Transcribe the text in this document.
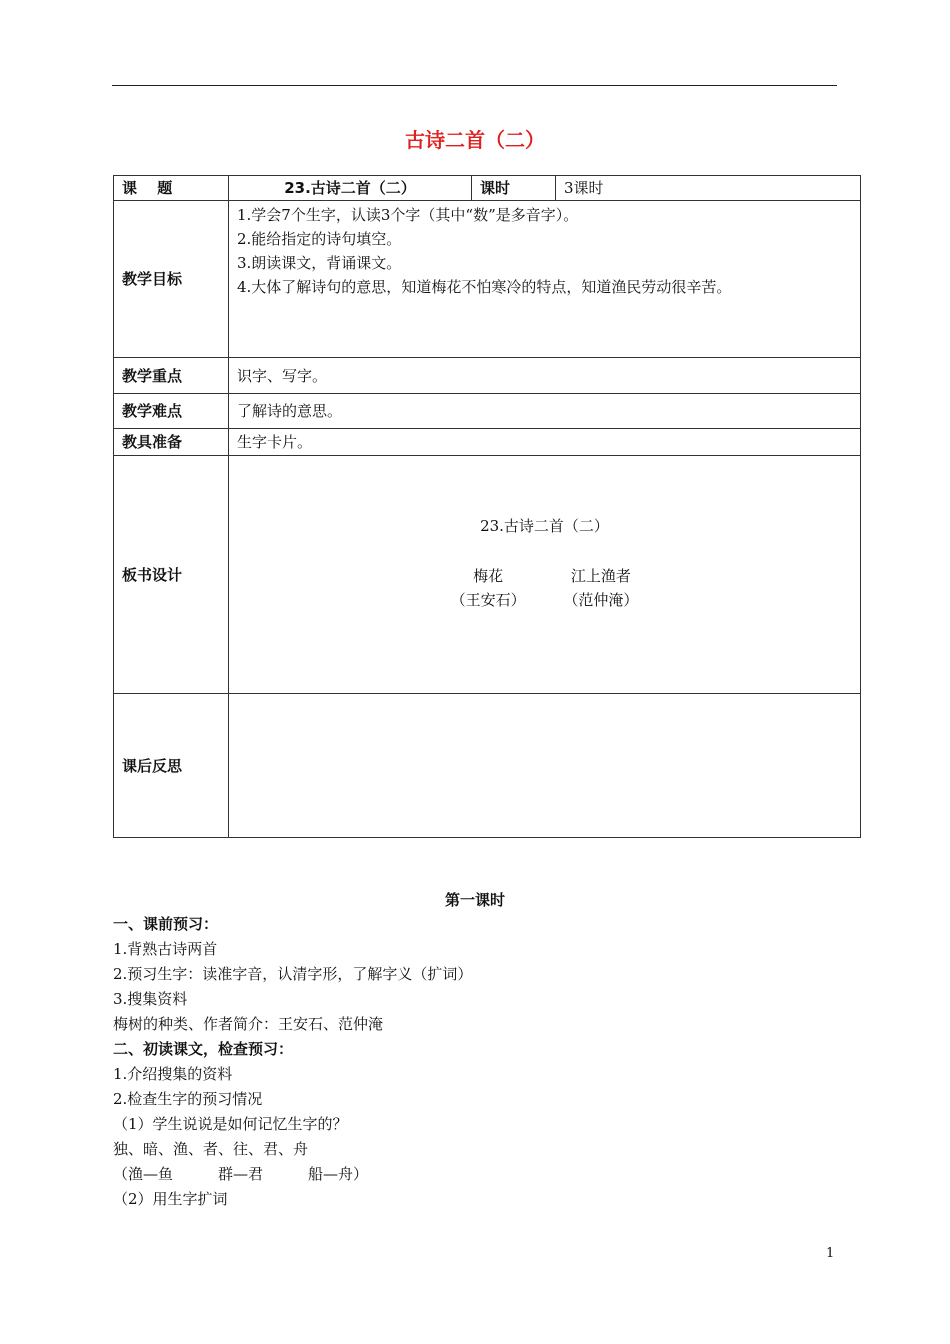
古诗二首（二）
课　 题	23.古诗二首（二）	课时	3课时
教学目标	1.学会7个生字，认读3个字（其中“数”是多音字）。
2.能给指定的诗句填空。
3.朗读课文，背诵课文。
4.大体了解诗句的意思，知道梅花不怕寒冷的特点，知道渔民劳动很辛苦。		

教学重点	识字、写字。		
教学难点	了解诗的意思。		
教具准备	生字卡片。		
板书设计	23.古诗二首（二）
梅花 江上渔者
（王安石） （范仲淹）		

课后反思			
第一课时
一、课前预习：
1.背熟古诗两首
2.预习生字：读准字音，认清字形，了解字义（扩词）
3.搜集资料
梅树的种类、作者简介：王安石、范仲淹
二、初读课文，检查预习：
1.介绍搜集的资料
2.检查生字的预习情况
（1）学生说说是如何记忆生字的？
独、暗、渔、者、往、君、舟
（渔—鱼　　　群—君　　　船—舟）
（2）用生字扩词
1
